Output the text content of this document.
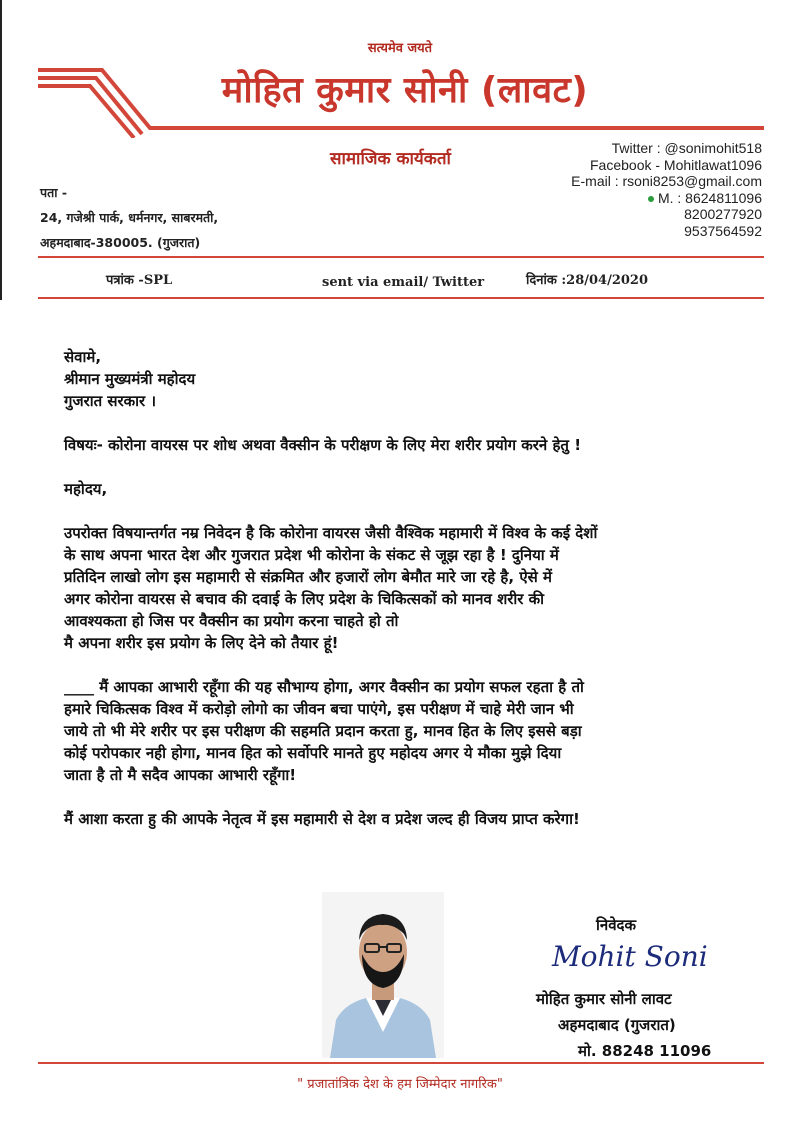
सत्यमेव जयते
मोहित कुमार सोनी (लावट)
सामाजिक कार्यकर्ता
Twitter : @sonimohit518
Facebook - Mohitlawat1096
E-mail : rsoni8253@gmail.com
M. : 8624811096
8200277920
9537564592
पता -
24, गजेश्री पार्क, धर्मनगर, साबरमती,
अहमदाबाद-380005. (गुजरात)
पत्रांक -SPL	sent via email/ Twitter	दिनांक :28/04/2020

सेवामे,

श्रीमान मुख्यमंत्री महोदय

गुजरात सरकार ।

विषयः- कोरोना वायरस पर शोध अथवा वैक्सीन के परीक्षण के लिए मेरा शरीर प्रयोग करने हेतु !

महोदय,

उपरोक्त विषयान्तर्गत नम्र निवेदन है कि कोरोना वायरस जैसी वैश्विक महामारी में विश्व के कई देशों

के साथ अपना भारत देश और गुजरात प्रदेश भी कोरोना के संकट से जूझ रहा है ! दुनिया में

प्रतिदिन लाखो लोग इस महामारी से संक्रमित और हजारों लोग बेमौत मारे जा रहे है, ऐसे में

अगर कोरोना वायरस से बचाव की दवाई के लिए प्रदेश के चिकित्सकों को मानव शरीर की

आवश्यकता हो जिस पर वैक्सीन का प्रयोग करना चाहते हो तो

मै अपना शरीर इस प्रयोग के लिए देने को तैयार हूं!

____ मैं आपका आभारी रहूँगा की यह सौभाग्य होगा, अगर वैक्सीन का प्रयोग सफल रहता है तो

हमारे चिकित्सक विश्व में करोड़ो लोगो का जीवन बचा पाएंगे, इस परीक्षण में चाहे मेरी जान भी

जाये तो भी मेरे शरीर पर इस परीक्षण की सहमति प्रदान करता हु, मानव हित के लिए इससे बड़ा

कोई परोपकार नही होगा, मानव हित को सर्वोपरि मानते हुए महोदय अगर ये मौका मुझे दिया

जाता है तो मै सदैव आपका आभारी रहूँगा!

मैं आशा करता हु की आपके नेतृत्व में इस महामारी से देश व प्रदेश जल्द ही विजय प्राप्त करेगा!

निवेदक
Mohit Soni
मोहित कुमार सोनी लावट
अहमदाबाद (गुजरात)
मो. 88248 11096
" प्रजातांत्रिक देश के हम जिम्मेदार नागरिक"
